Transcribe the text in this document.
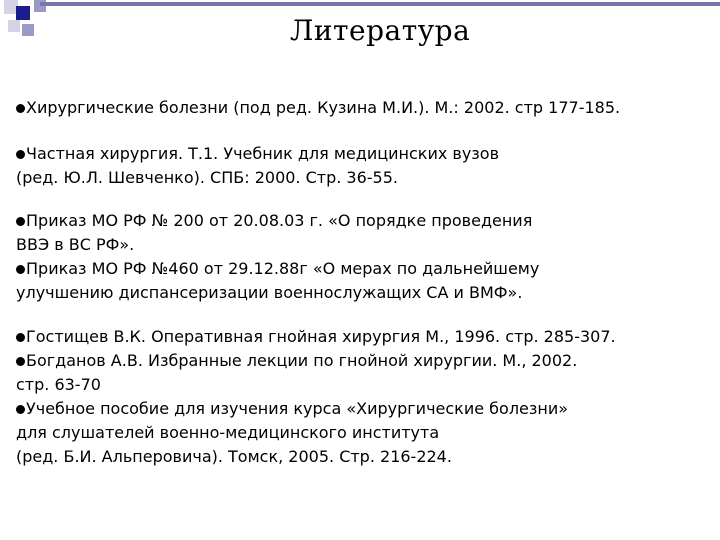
Литература
Хирургические болезни (под ред. Кузина М.И.). М.: 2002. стр 177-185.
Частная хирургия. Т.1. Учебник для медицинских вузов
(ред. Ю.Л. Шевченко). СПБ: 2000. Стр. 36-55.
Приказ МО РФ № 200 от 20.08.03 г. «О порядке проведения
ВВЭ в ВС РФ».
Приказ МО РФ №460 от 29.12.88г «О мерах по дальнейшему
улучшению диспансеризации военнослужащих СА и ВМФ».
Гостищев В.К. Оперативная гнойная хирургия М., 1996. стр. 285-307.
Богданов А.В. Избранные лекции по гнойной хирургии. М., 2002.
стр. 63-70
Учебное пособие для изучения курса «Хирургические болезни»
для слушателей военно-медицинского института
(ред. Б.И. Альперовича). Томск, 2005. Стр. 216-224.
